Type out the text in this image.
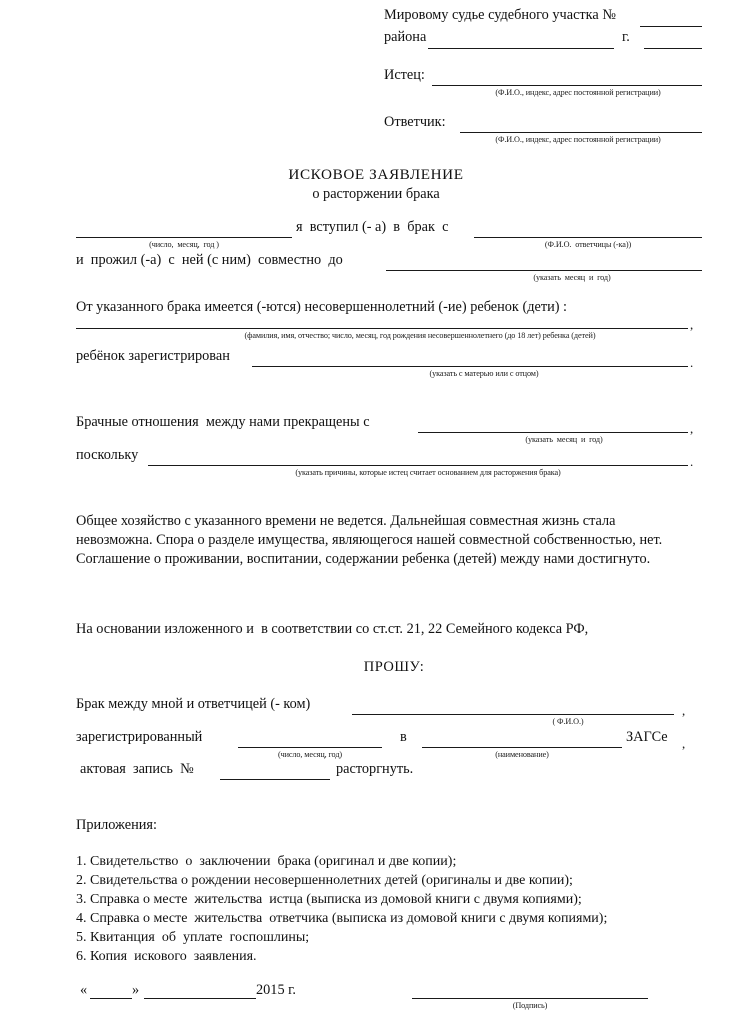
Мировому судье судебного участка №
района	г.
Истец:
(Ф.И.О., индекс, адрес постоянной регистрации)
Ответчик:
(Ф.И.О., индекс, адрес постоянной регистрации)
ИСКОВОЕ ЗАЯВЛЕНИЕ
о расторжении брака
(число,  месяц,  год )
я  вступил (- а)  в  брак  с
(Ф.И.О.  ответчицы (-ка))
и  прожил (-а)  с  ней (с ним)  совместно  до
(указать  месяц  и  год)
От указанного брака имеется (-ются) несовершеннолетний (-ие) ребенок (дети) :
,
(фамилия, имя, отчество; число, месяц, год рождения несовершеннолетнего (до 18 лет) ребенка (детей)
ребёнок зарегистрирован	.
(указать с матерью или с отцом)
Брачные отношения  между нами прекращены с	,
(указать  месяц  и  год)
поскольку	.
(указать причины, которые истец считает основанием для расторжения брака)
Общее хозяйство с указанного времени не ведется. Дальнейшая совместная жизнь стала невозможна. Спора о разделе имущества, являющегося нашей совместной собственностью, нет. Соглашение о проживании, воспитании, содержании ребенка (детей) между нами достигнуто.
На основании изложенного и  в соответствии со ст.ст. 21, 22 Семейного кодекса РФ,
ПРОШУ:
Брак между мной и ответчицей (- ком)	,
( Ф.И.О.)
зарегистрированный
(число, месяц, год)
в
(наименование)
ЗАГСе ,
актовая  запись  №	расторгнуть.
Приложения:
1. Свидетельство  о  заключении  брака (оригинал и две копии);
2. Свидетельства о рождении несовершеннолетних детей (оригиналы и две копии);
3. Справка о месте  жительства  истца (выписка из домовой книги с двумя копиями);
4. Справка о месте  жительства  ответчика (выписка из домовой книги с двумя копиями);
5. Квитанция  об  уплате  госпошлины;
6. Копия  искового  заявления.
«	»	2015 г.
(Подпись)
